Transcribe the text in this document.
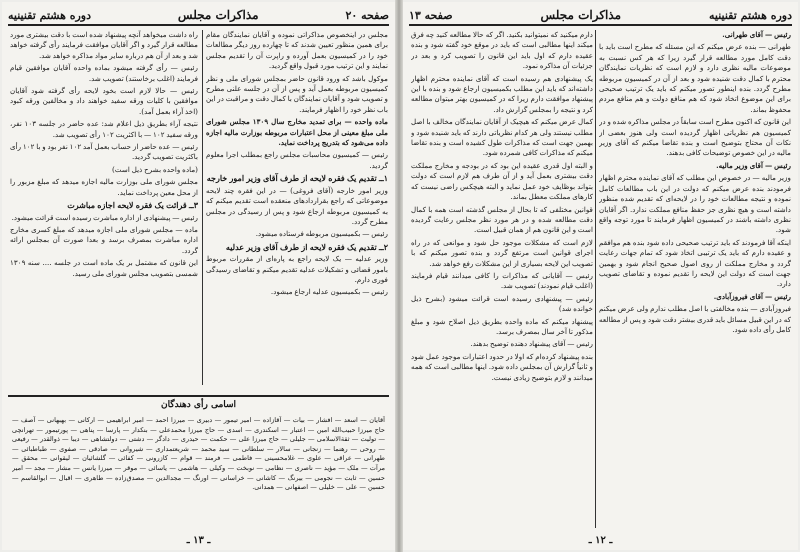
صفحه ۲۰
مذاکرات مجلس
دوره هشتم تقنینیه

مجلس در اینخصوص مذاکراتی نموده و آقایان نمایندگان مقام برای همین منظور تعیین شدند که تا چهارده روز دیگر مطالعات خود را در کمیسیون بعمل آورده و راپرت آن را تقدیم مجلس نمایند و این ترتیب مورد قبول واقع گردید.

موکول باشد که ورود قانون حاضر بمجلس شورای ملی و نظر کمیسیون مربوطه بعمل آید و پس از آن در جلسه علنی مطرح و تصویب شود و آقایان نمایندگان با کمال دقت و مراقبت در این باب نظر خود را اظهار فرمایند.

ماده واحده — برای تمدید مخارج سال ۱۳۰۹ مجلس شورای ملی مبلغ معینی از محل اعتبارات مربوطه بوزارت مالیه اجازه داده می‌شود که بتدریج پرداخت نماید.

رئیس — کمیسیون محاسبات مجلس راجع بمطلب اجرا معلوم گردید.

۱ــ تقدیم یک فقره لایحه از طرف آقای وزیر امور خارجه

وزیر امور خارجه (آقای فروغی) — در این فقره چند لایحه موضوعاتی که راجع بقراردادهای منعقده است تقدیم میکنم که به کمیسیون مربوطه ارجاع شود و پس از رسیدگی در مجلس مطرح گردد.

رئیس — بکمیسیون مربوطه فرستاده میشود.

۲ــ تقدیم یک فقره لایحه از طرف آقای وزیر عدلیه

وزیر عدلیه — یک لایحه راجع به پاره‌ای از مقررات مربوط بامور قضائی و تشکیلات عدلیه تقدیم میکنم و تقاضای رسیدگی فوری دارم.

رئیس — بکمیسیون عدلیه ارجاع میشود.

راه داشت میخواهد آنچه پیشنهاد شده است با دقت بیشتری مورد مطالعه قرار گیرد و اگر آقایان موافقت فرمایند رأی گرفته خواهد شد و بعد از آن هم درباره سایر مواد مذاکره خواهد شد.

رئیس — رأی گرفته میشود بماده واحده آقایان موافقین قیام فرمایند (اغلب برخاستند) تصویب شد.

رئیس — حالا لازم است بخود لایحه رأی گرفته شود آقایان موافقین با کلیات ورقه سفید خواهند داد و مخالفین ورقه کبود (اخذ آراء بعمل آمد).

نتیجه آراء بطریق ذیل اعلام شد: عده حاضر در جلسه ۱۰۳ نفر، ورقه سفید ۱۰۲ — با اکثریت ۱۰۲ رأی تصویب شد.

رئیس — عده حاضر از حساب بعمل آمد ۱۰۲ نفر بود و با ۱۰۲ رأی باکثریت تصویب گردید.

(ماده واحده بشرح ذیل است)

مجلس شورای ملی بوزارت مالیه اجازه میدهد که مبلغ مزبور را از محل معین پرداخت نماید.

۳ــ قرائت یک فقره لایحه اجازه مباشرت

رئیس — پیشنهادی از اداره مباشرت رسیده است قرائت میشود.

ماده — مجلس شورای ملی اجازه میدهد که مبلغ کسری مخارج اداره مباشرت بمصرف برسد و بعدا صورت آن بمجلس ارائه گردد.

این قانون که مشتمل بر یک ماده است در جلسه .... سنه ۱۳۰۹ شمسی بتصویب مجلس شورای ملی رسید.

اسامی رأی دهندگان
آقایان — اسعد — افشار — بیات — آقازاده — امیر تیمور — دبیری — میرزا احمد — امیر ابراهیمی — ارکانی — بهبهانی — آصف — حاج میرزا حبیب‌الله امین — اعتبار — اسکندری — اسدی — حاج میرزا محمدعلی — بنکدار — پارسا — پناهی — پورتیمور — تهرانچی — تولیت — ثقة‌الاسلامی — جلیلی — حاج میرزا علی — حکمت — حیدری — دادگر — دشتی — دولتشاهی — دیبا — ذوالقدر — رفیعی — روحی — رهنما — زنجانی — سالار — سلطانی — سید محمد — شریعتمداری — شیروانی — صادقی — صفوی — طباطبائی — طهرانی — عراقی — علوی — غلامحسینی — فاطمی — فرمند — قوام — کازرونی — کفائی — گلشائیان — لیقوانی — محقق — مرآت — ملک — مؤید — ناصری — نظامی — نوبخت — وکیلی — هاشمی — یاسائی — موقر — میرزا یانس — مشار — مجد — امیر حسین — ثابت — نجومی — بیرنگ — کاشانی — خراسانی — اورنگ — مجدالدین — مصدق‌زاده — طاهری — اقبال — ابوالقاسم — حسین — علی — خلیلی — اصفهانی — همدانی.
ـ ۱۳ ـ
دوره هشتم تقنینیه
مذاکرات مجلس
صفحه ۱۳

رئیس — آقای طهرانی.

طهرانی — بنده عرض میکنم که این مسئله که مطرح است باید با دقت کامل مورد مطالعه قرار گیرد زیرا که هر کس نسبت به موضوعات مالیه نظری دارد و لازم است که نظریات نمایندگان محترم با کمال دقت شنیده شود و بعد از آن در کمیسیون مربوطه مطرح گردد. بنده اینطور تصور میکنم که باید یک ترتیب صحیحی برای این موضوع اتخاذ شود که هم منافع دولت و هم منافع مردم محفوظ بماند.

این قانون که اکنون مطرح است سابقاً در مجلس مذاکره شده و در کمیسیون هم نظریاتی اظهار گردیده است ولی هنوز بعضی از نکات آن محتاج بتوضیح است و بنده تقاضا میکنم که آقای وزیر مالیه در این خصوص توضیحات کافی بدهند.

رئیس — آقای وزیر مالیه.

وزیر مالیه — در خصوص این مطلب که آقای نماینده محترم اظهار فرمودند بنده عرض میکنم که دولت در این باب مطالعات کامل نموده و نتیجه مطالعات خود را در لایحه‌ای که تقدیم شده منظور داشته است و هیچ نظری جز حفظ منافع مملکت ندارد. اگر آقایان نظری داشته باشند در کمیسیون اظهار فرمایند تا مورد توجه واقع شود.

اینکه آقا فرمودند که باید ترتیب صحیحی داده شود بنده هم موافقم و عقیده دارم که باید یک ترتیبی اتخاذ شود که تمام جهات رعایت گردد و مخارج مملکت از روی اصول صحیح انجام شود و بهمین جهت است که دولت این لایحه را تقدیم نموده و تقاضای تصویب دارد.

رئیس — آقای فیروزآبادی.

فیروزآبادی — بنده مخالفتی با اصل مطلب ندارم ولی عرض میکنم که در این قبیل مسائل باید قدری بیشتر دقت شود و پس از مطالعه کامل رأی داده شود.

دارم میکنید که نمیتوانید بکنید. اگر که حالا مطالعه کنید چه فرق میکند اینها مطالبی است که باید در موقع خود گفته شود و بنده عقیده دارم که اول باید این قانون را تصویب کرد و بعد در جزئیات آن مذاکره نمود.

یک پیشنهادی هم رسیده است که آقای نماینده محترم اظهار داشته‌اند که باید این مطلب بکمیسیون ارجاع شود و بنده با این پیشنهاد موافقت دارم زیرا که در کمیسیون بهتر میتوان مطالعه کرد و نتیجه را بمجلس گزارش داد.

کمال عرض میکنم که هیچیک از آقایان نمایندگان مخالف با اصل مطلب نیستند ولی هر کدام نظریاتی دارند که باید شنیده شود و بهمین جهت است که مذاکرات طول کشیده است و بنده تقاضا میکنم که مذاکرات کافی شمرده شود.

و البته اول قدری عقیده این بود که در بودجه و مخارج مملکت دقت بیشتری بعمل آید و از آن طرف هم لازم است که دولت بتواند بوظایف خود عمل نماید و البته هیچکس راضی نیست که کارهای مملکت معطل بماند.

قوانین مختلفی که تا بحال از مجلس گذشته است همه با کمال دقت مطالعه شده و در هر مورد نظر مجلس رعایت گردیده است و این قانون هم از همان قبیل است.

لازم است که مشکلات موجود حل شود و موانعی که در راه اجرای قوانین است مرتفع گردد و بنده تصور میکنم که با تصویب این لایحه بسیاری از این مشکلات رفع خواهد شد.

رئیس — آقایانی که مذاکرات را کافی میدانند قیام فرمایند (اغلب قیام نمودند) تصویب شد.

رئیس — پیشنهادی رسیده است قرائت میشود (بشرح ذیل خوانده شد)

پیشنهاد میکنم که ماده واحده بطریق ذیل اصلاح شود و مبلغ مذکور تا آخر سال بمصرف برسد.

رئیس — آقای پیشنهاد دهنده توضیح بدهند.

بنده پیشنهاد کرده‌ام که اولا در حدود اعتبارات موجود عمل شود و ثانیاً گزارش آن بمجلس داده شود. اینها مطالبی است که همه میدانند و لازم بتوضیح زیادی نیست.

ـ ۱۲ ـ
